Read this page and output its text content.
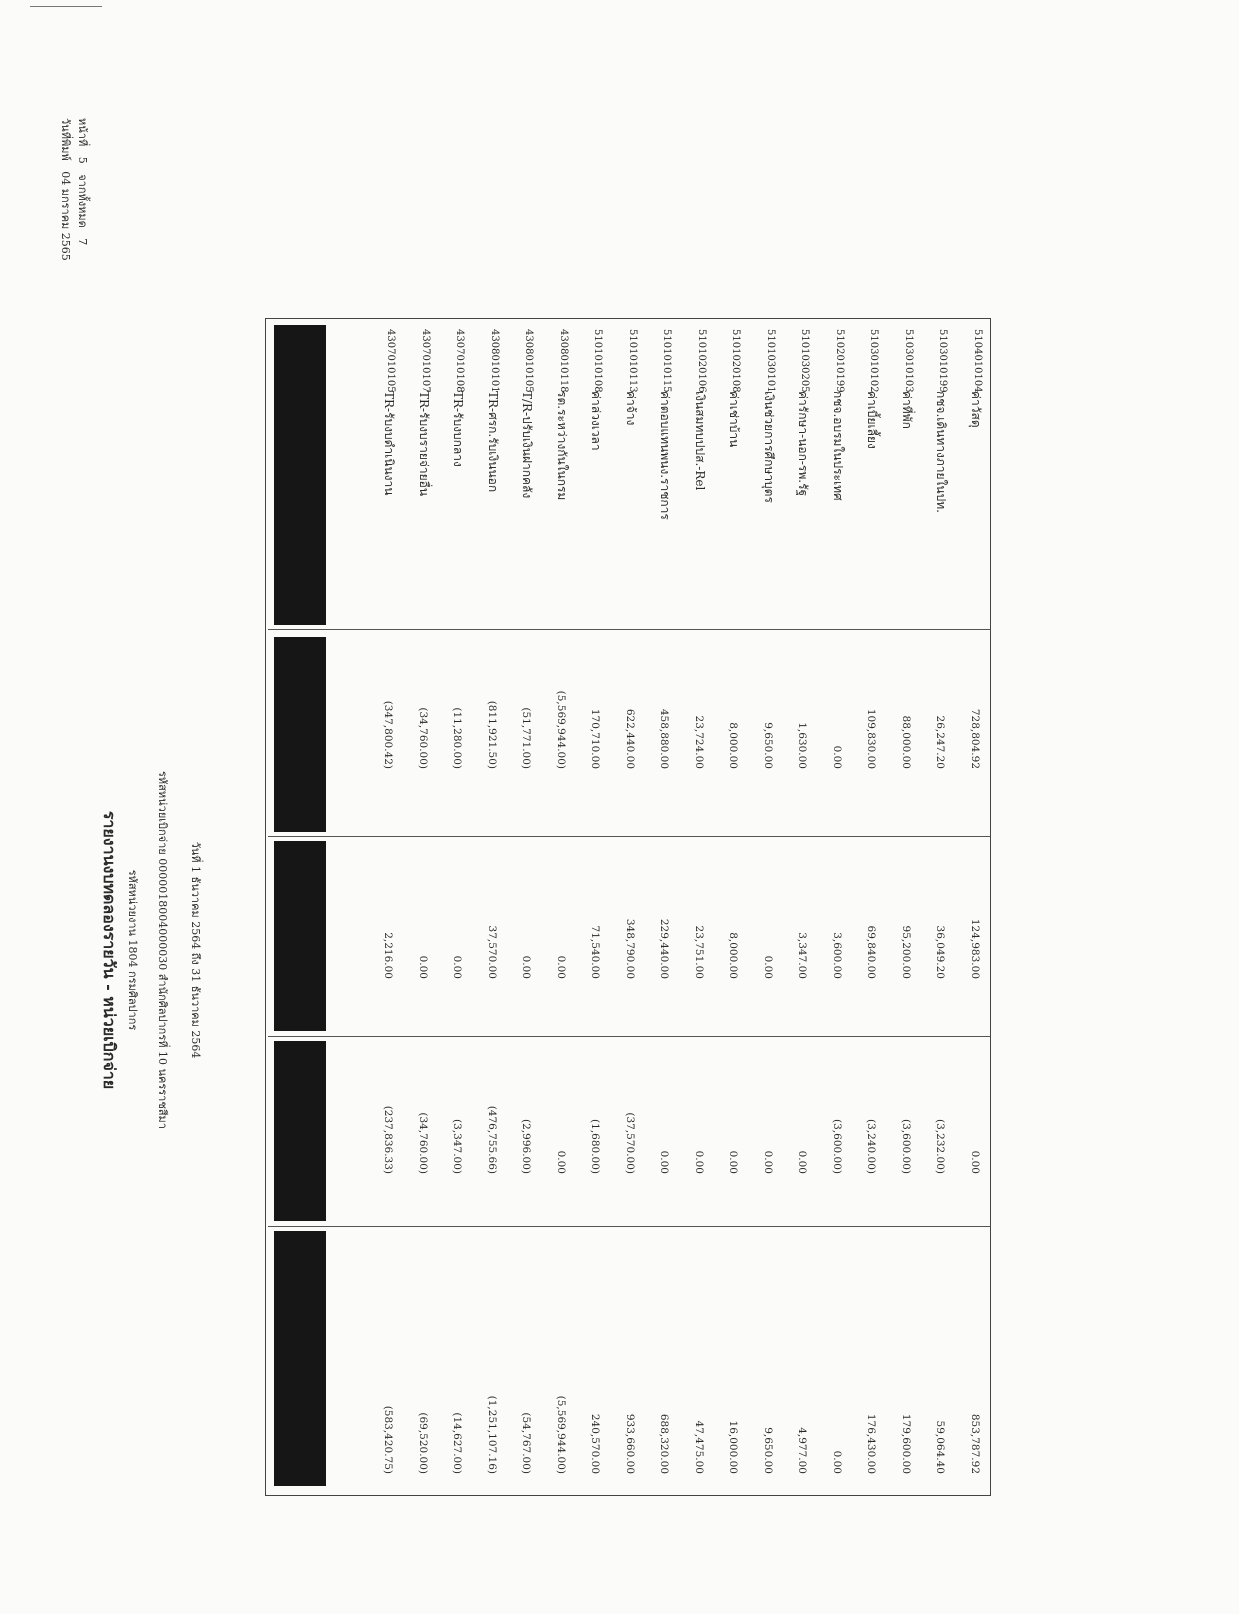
หน้าที่   5   จากทั้งหมด   7
วันที่พิมพ์   04 มกราคม 2565
รายงานงบทดลองรายวัน - หน่วยเบิกจ่าย รหัสหน่วยงาน 1804 กรมศิลปากร รหัสหน่วยเบิกจ่าย 0000018004000030 สำนักศิลปากรที่ 10 นครราชสีมา วันที่ 1 ธันวาคม 2564 ถึง 31 ธันวาคม 2564
4307010105
TR-รับงบดำเนินงาน
(347,800.42)
2,216.00
(237,836.33)
(583,420.75)
4307010107
TR-รับงบรายจ่ายอื่น
(34,760.00)
0.00
(34,760.00)
(69,520.00)
4307010108
TR-รับงบกลาง
(11,280.00)
0.00
(3,347.00)
(14,627.00)
4308010101
TR-ศรก.รับเงินนอก
(811,921.50)
37,570.00
(476,755.66)
(1,251,107.16)
4308010105
T/R-ปรับเงินฝากคลัง
(51,771.00)
0.00
(2,996.00)
(54,767.00)
4308010118
รต.ระหว่างกันในกรม
(5,569,944.00)
0.00
0.00
(5,569,944.00)
5101010108
ค่าล่วงเวลา
170,710.00
71,540.00
(1,680.00)
240,570.00
5101010113
ค่าจ้าง
622,440.00
348,790.00
(37,570.00)
933,660.00
5101010115
ค่าตอบแทนพนง.ราชการ
458,880.00
229,440.00
0.00
688,320.00
5101020106
เงินสมทบปปส.-Rel
23,724.00
23,751.00
0.00
47,475.00
5101020108
ค่าเช่าบ้าน
8,000.00
8,000.00
0.00
16,000.00
5101030101
เงินช่วยการศึกษาบุตร
9,650.00
0.00
0.00
9,650.00
5101030205
ค่ารักษา-นอก-รพ.รัฐ
1,630.00
3,347.00
0.00
4,977.00
5102010199
กชจ.อบรมในประเทศ
0.00
3,600.00
(3,600.00)
0.00
5103010102
ค่าเบี้ยเลี้ยง
109,830.00
69,840.00
(3,240.00)
176,430.00
5103010103
ค่าที่พัก
88,000.00
95,200.00
(3,600.00)
179,600.00
5103010199
กชจ.เดินทางภายในปท.
26,247.20
36,049.20
(3,232.00)
59,064.40
5104010104
ค่าวัสดุ
728,804.92
124,983.00
0.00
853,787.92
